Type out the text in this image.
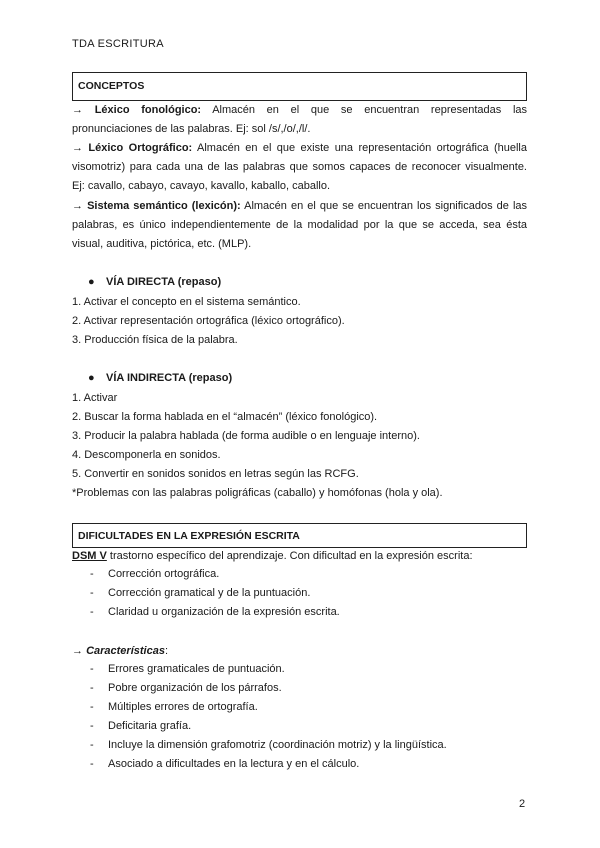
TDA ESCRITURA
CONCEPTOS
→ Léxico fonológico: Almacén en el que se encuentran representadas las
pronunciaciones de las palabras. Ej: sol /s/,/o/,/l/.
→ Léxico Ortográfico: Almacén en el que existe una representación ortográfica (huella
visomotriz) para cada una de las palabras que somos capaces de reconocer visualmente.
Ej: cavallo, cabayo, cavayo, kavallo, kaballo, caballo.
→ Sistema semántico (lexicón): Almacén en el que se encuentran los significados de las
palabras, es único independientemente de la modalidad por la que se acceda, sea ésta
visual, auditiva, pictórica, etc. (MLP).
● VÍA DIRECTA (repaso)
1. Activar el concepto en el sistema semántico.
2. Activar representación ortográfica (léxico ortográfico).
3. Producción física de la palabra.
● VÍA INDIRECTA (repaso)
1. Activar
2. Buscar la forma hablada en el “almacén” (léxico fonológico).
3. Producir la palabra hablada (de forma audible o en lenguaje interno).
4. Descomponerla en sonidos.
5. Convertir en sonidos sonidos en letras según las RCFG.
*Problemas con las palabras poligráficas (caballo) y homófonas (hola y ola).
DIFICULTADES EN LA EXPRESIÓN ESCRITA
DSM V trastorno específico del aprendizaje. Con dificultad en la expresión escrita:
- Corrección ortográfica.
- Corrección gramatical y de la puntuación.
- Claridad u organización de la expresión escrita.
→ Características:
- Errores gramaticales de puntuación.
- Pobre organización de los párrafos.
- Múltiples errores de ortografía.
- Deficitaria grafía.
- Incluye la dimensión grafomotriz (coordinación motriz) y la lingüística.
- Asociado a dificultades en la lectura y en el cálculo.
2
